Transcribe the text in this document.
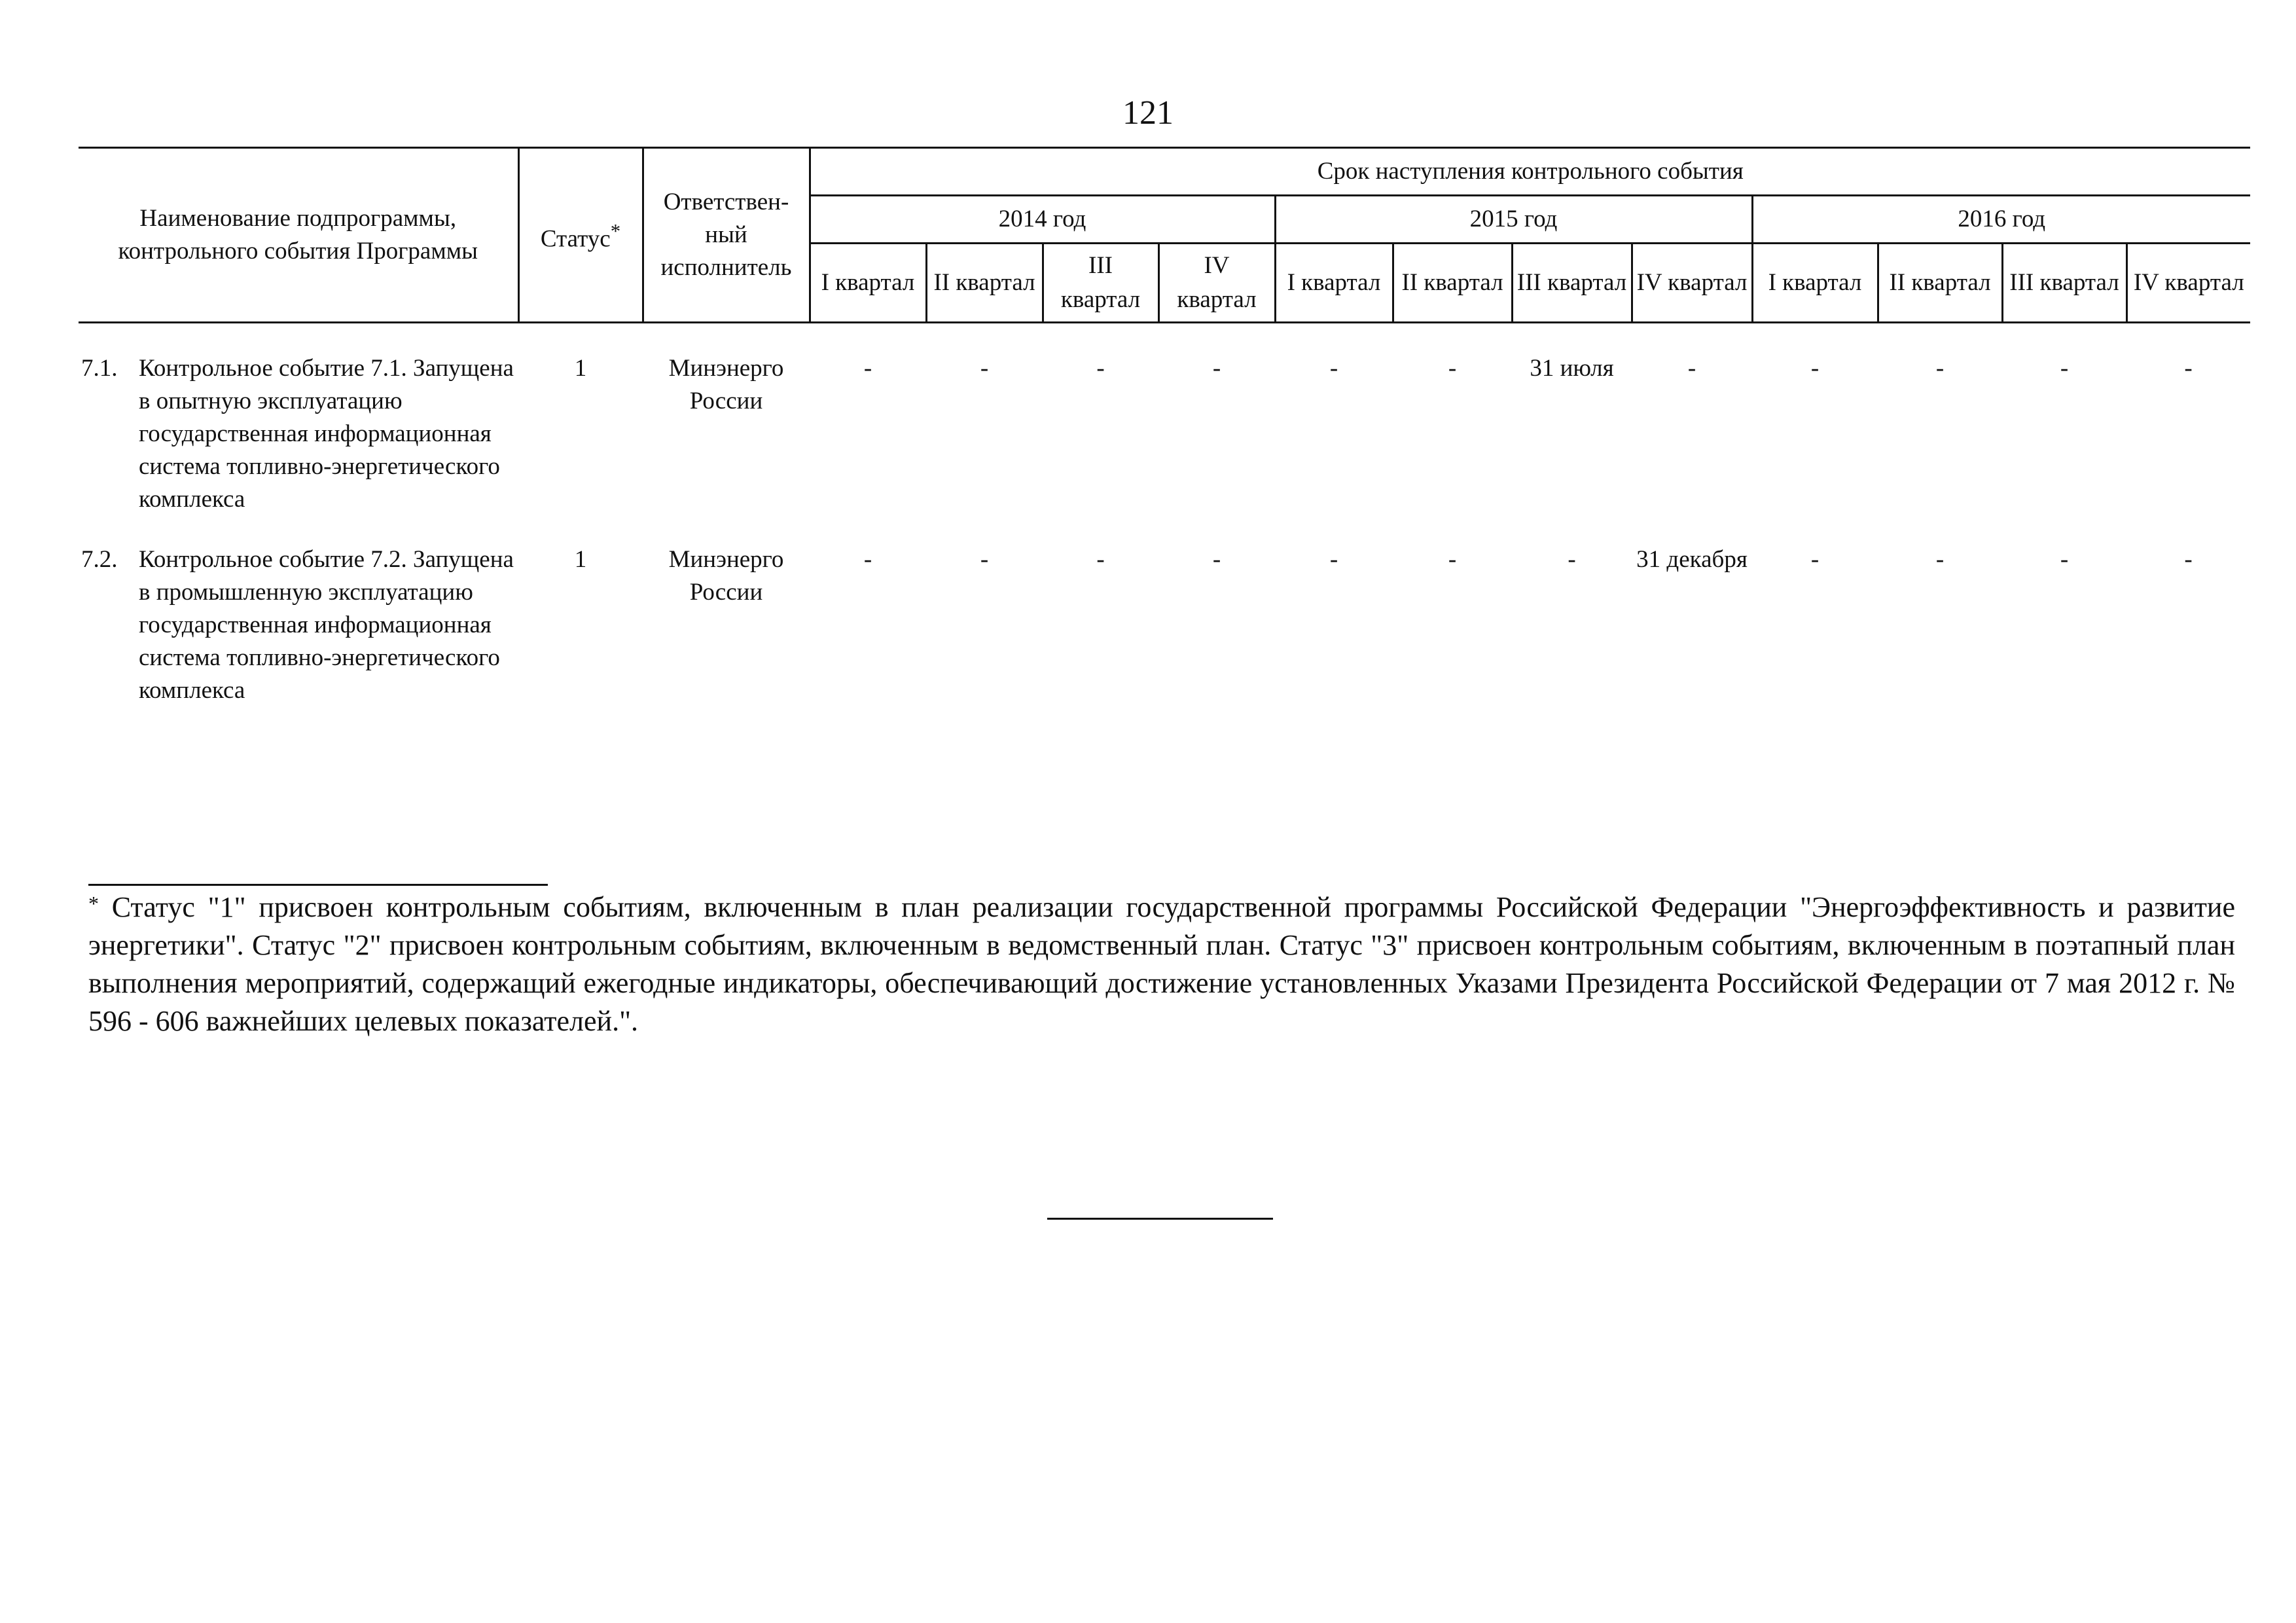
121
Наименование подпрограммы, контрольного события Программы	Статус*	Ответствен-ный исполнитель	Срок наступления контрольного события											
			2014 год				2015 год				2016 год			
			I квартал	II квартал	III квартал	IV квартал	I квартал	II квартал	III квартал	IV квартал	I квартал	II квартал	III квартал	IV квартал

7.1. Контрольное событие 7.1. Запущена в опытную эксплуатацию государственная информационная система топливно-энергетического комплекса	1	Минэнерго России	-	-	-	-	-	-	31 июля	-	-	-	-	-

7.2. Контрольное событие 7.2. Запущена в промышленную эксплуатацию государственная информационная система топливно-энергетического комплекса	1	Минэнерго России	-	-	-	-	-	-	-	31 декабря	-	-	-	-
* Статус "1" присвоен контрольным событиям, включенным в план реализации государственной программы Российской Федерации "Энергоэффективность и развитие энергетики". Статус "2" присвоен контрольным событиям, включенным в ведомственный план. Статус "3" присвоен контрольным событиям, включенным в поэтапный план выполнения мероприятий, содержащий ежегодные индикаторы, обеспечивающий достижение установленных Указами Президента Российской Федерации от 7 мая 2012 г. № 596 - 606 важнейших целевых показателей.".
